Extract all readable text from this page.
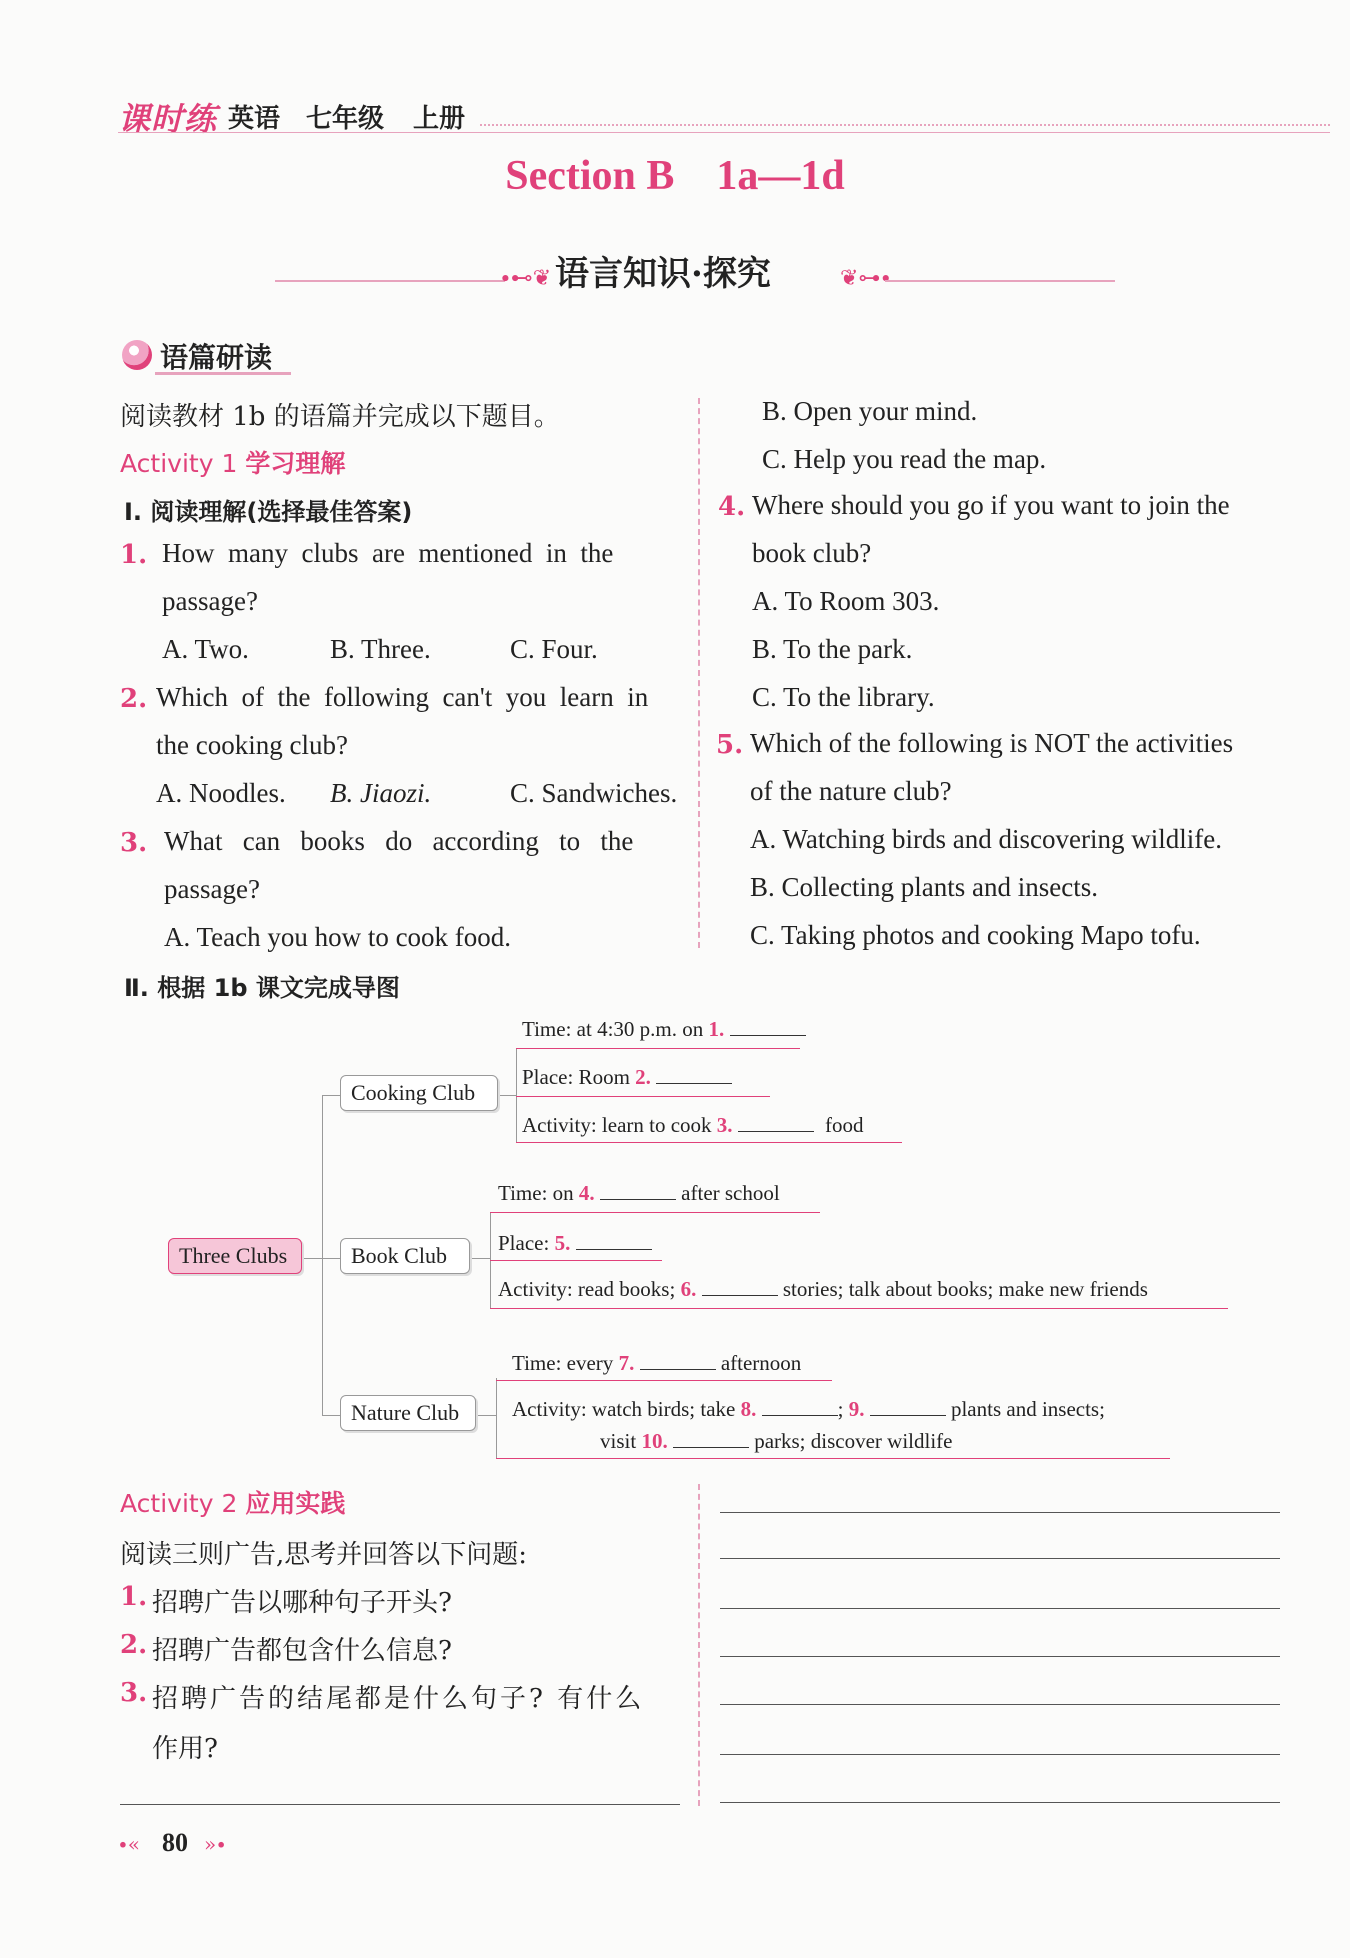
课时练 英语 七年级 上册
Section B    1a—1d
∙⊷❦ 语言知识·探究	❦⊶∙
语篇研读
阅读教材 1b 的语篇并完成以下题目。
Activity 1 学习理解
Ⅰ. 阅读理解(选择最佳答案)
1. How  many  clubs  are  mentioned  in  the
passage?
A. Two.	B. Three.	C. Four.
2. Which  of  the  following  can't  you  learn  in
the cooking club?
A. Noodles. B. Jiaozi.	C. Sandwiches.
3. What   can   books   do   according   to   the
passage?
A. Teach you how to cook food.
B. Open your mind.
C. Help you read the map.
4. Where should you go if you want to join the
book club?
A. To Room 303.
B. To the park.
C. To the library.
5. Which of the following is NOT the activities
of the nature club?
A. Watching birds and discovering wildlife.
B. Collecting plants and insects.
C. Taking photos and cooking Mapo tofu.
Ⅱ. 根据 1b 课文完成导图
Three Clubs
Cooking Club
Book Club
Nature Club
Time: at 4:30 p.m. on 1.
Place: Room 2.
Activity: learn to cook 3.	food
Time: on 4.	after school
Place: 5.
Activity: read books; 6.	stories; talk about books; make new friends
Time: every 7.	afternoon
Activity: watch birds; take 8.	; 9.	plants and insects;
visit 10.	parks; discover wildlife
Activity 2 应用实践
阅读三则广告,思考并回答以下问题:
1. 招聘广告以哪种句子开头?
2. 招聘广告都包含什么信息?
3. 招聘广告的结尾都是什么句子? 有什么
作用?
∙« 80 »∙
